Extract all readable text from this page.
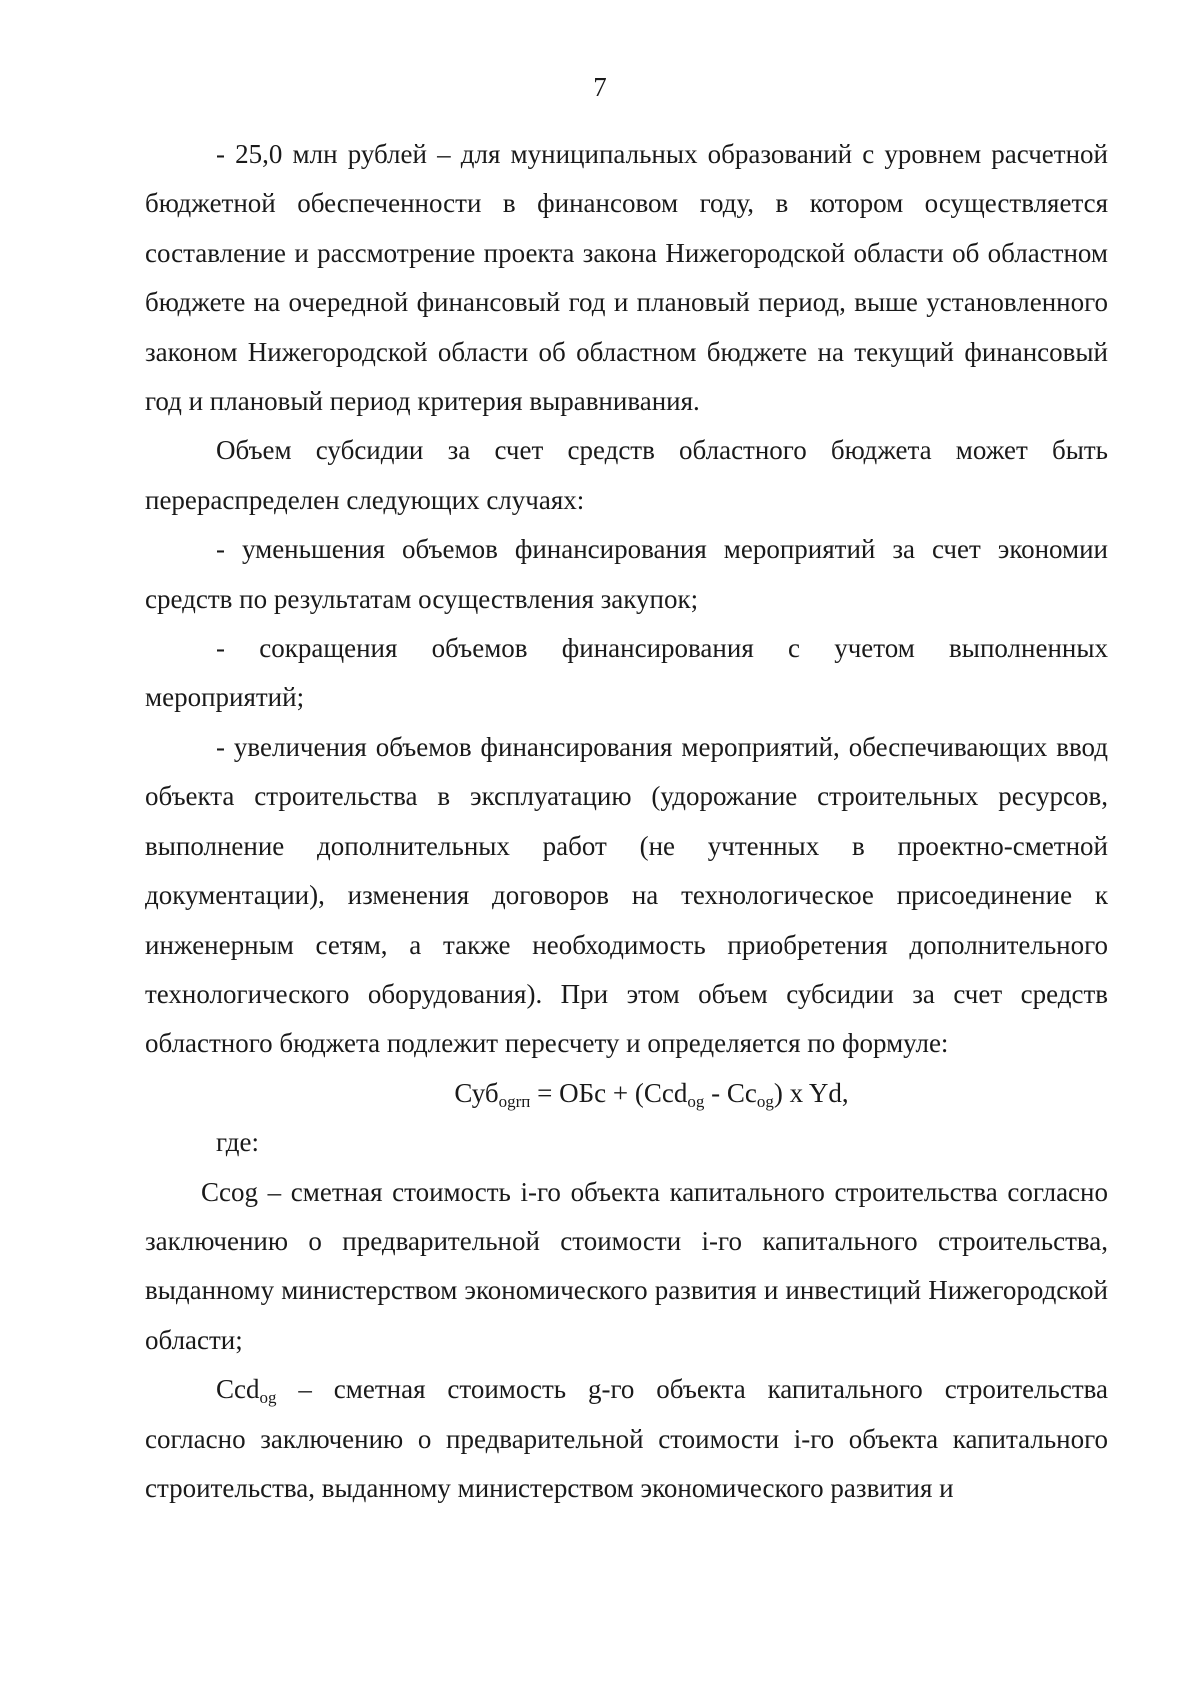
7

- 25,0 млн рублей – для муниципальных образований с уровнем расчетной бюджетной обеспеченности в финансовом году, в котором осуществляется составление и рассмотрение проекта закона Нижегородской области об областном бюджете на очередной финансовый год и плановый период, выше установленного законом Нижегородской области об областном бюджете на текущий финансовый год и плановый период критерия выравнивания.

Объем субсидии за счет средств областного бюджета может быть перераспределен следующих случаях:

- уменьшения объемов финансирования мероприятий за счет экономии средств по результатам осуществления закупок;

- сокращения объемов финансирования с учетом выполненных мероприятий;

- увеличения объемов финансирования мероприятий, обеспечивающих ввод объекта строительства в эксплуатацию (удорожание строительных ресурсов, выполнение дополнительных работ (не учтенных в проектно-сметной документации), изменения договоров на технологическое присоединение к инженерным сетям, а также необходимость приобретения дополнительного технологического оборудования). При этом объем субсидии за счет средств областного бюджета подлежит пересчету и определяется по формуле:

Суб$_{ogrп}$ = ОБс + $(Ccd_{og} - Cc_{og})$ x Yd,

где:

Ccog – сметная стоимость i-го объекта капитального строительства согласно заключению о предварительной стоимости i-го капитального строительства, выданному министерством экономического развития и инвестиций Нижегородской области;

Ccd$_{og}$ – сметная стоимость g-го объекта капитального строительства согласно заключению о предварительной стоимости i-го объекта капитального строительства, выданному министерством экономического развития и
